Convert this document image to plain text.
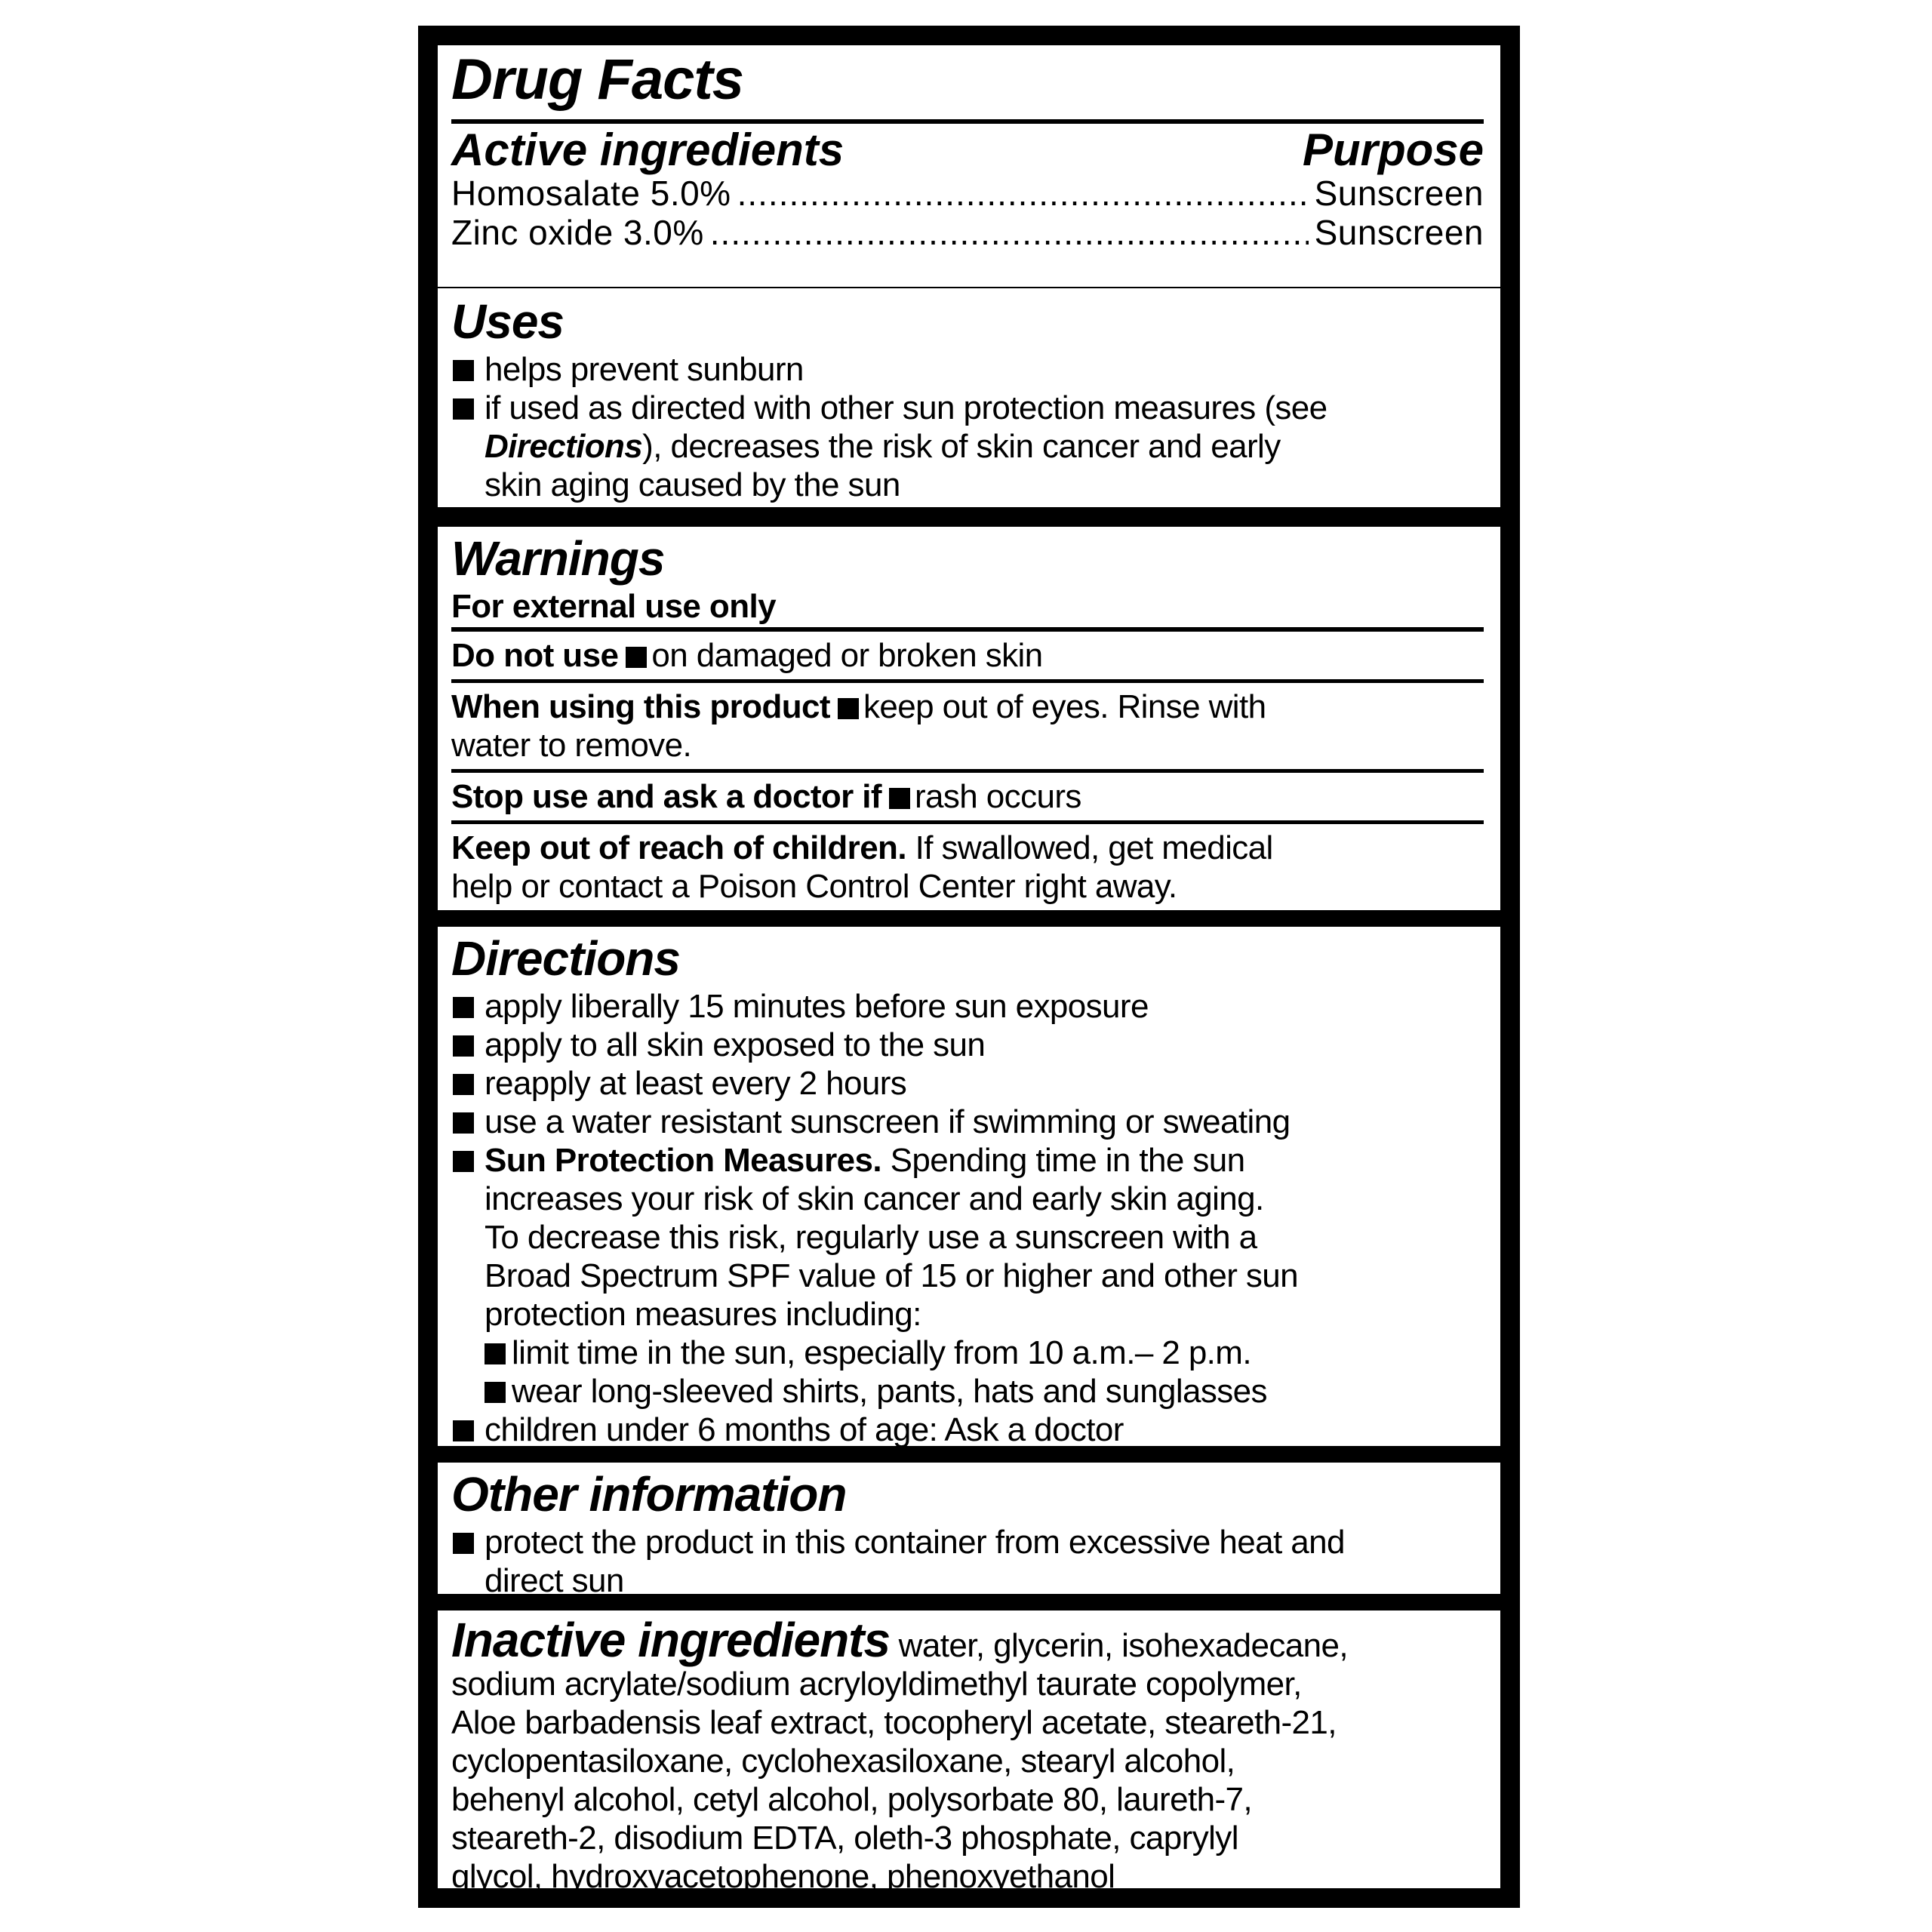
Drug Facts
Active ingredients	Purpose
Homosalate 5.0% .....	Sunscreen
Zinc oxide 3.0% .....	Sunscreen
Uses
helps prevent sunburn
if used as directed with other sun protection measures (see
Directions), decreases the risk of skin cancer and early
skin aging caused by the sun
Warnings
For external use only
Do not use on damaged or broken skin
When using this product keep out of eyes. Rinse with
water to remove.
Stop use and ask a doctor if rash occurs
Keep out of reach of children. If swallowed, get medical
help or contact a Poison Control Center right away.
Directions
apply liberally 15 minutes before sun exposure
apply to all skin exposed to the sun
reapply at least every 2 hours
use a water resistant sunscreen if swimming or sweating
Sun Protection Measures. Spending time in the sun
increases your risk of skin cancer and early skin aging.
To decrease this risk, regularly use a sunscreen with a
Broad Spectrum SPF value of 15 or higher and other sun
protection measures including:
limit time in the sun, especially from 10 a.m.– 2 p.m.
wear long-sleeved shirts, pants, hats and sunglasses
children under 6 months of age: Ask a doctor
Other information
protect the product in this container from excessive heat and
direct sun
Inactive ingredients water, glycerin, isohexadecane,
sodium acrylate/sodium acryloyldimethyl taurate copolymer,
Aloe barbadensis leaf extract, tocopheryl acetate, steareth-21,
cyclopentasiloxane, cyclohexasiloxane, stearyl alcohol,
behenyl alcohol, cetyl alcohol, polysorbate 80, laureth-7,
steareth-2, disodium EDTA, oleth-3 phosphate, caprylyl
glycol, hydroxyacetophenone, phenoxyethanol
